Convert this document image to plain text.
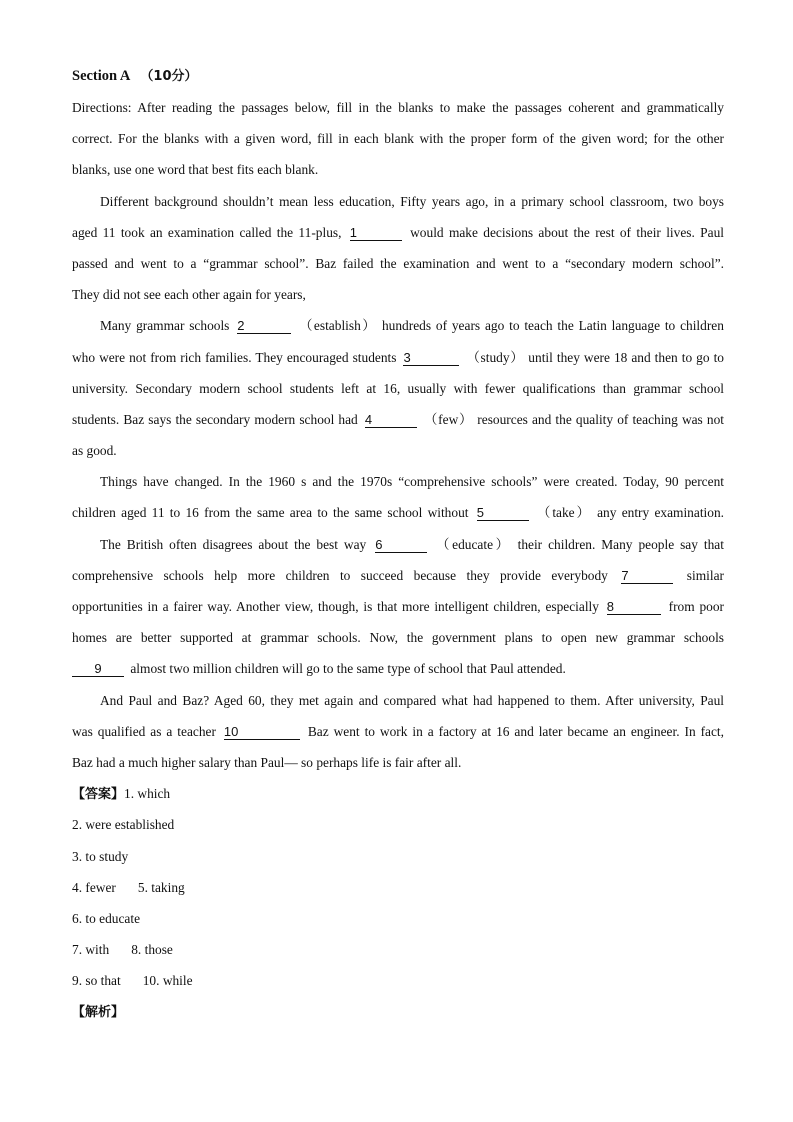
Section A （10分）
Directions: After reading the passages below, fill in the blanks to make the passages coherent and grammatically
correct. For the blanks with a given word, fill in each blank with the proper form of the given word; for the other
blanks, use one word that best fits each blank.
Different background shouldn’t mean less education, Fifty years ago, in a primary school classroom, two boys
aged 11 took an examination called the 11-plus, 1	would make decisions about the rest of their lives. Paul
passed and went to a “grammar school”. Baz failed the examination and went to a “secondary modern school”.
They did not see each other again for years,
Many grammar schools 2	（establish） hundreds of years ago to teach the Latin language to children
who were not from rich families. They encouraged students 3	（study） until they were 18 and then to go to
university. Secondary modern school students left at 16, usually with fewer qualifications than grammar school
students. Baz says the secondary modern school had 4	（few） resources and the quality of teaching was not
as good.
Things have changed. In the 1960 s and the 1970s “comprehensive schools” were created. Today, 90 percent
children aged 11 to 16 from the same area to the same school without 5	（take） any entry examination.
The British often disagrees about the best way 6	（educate） their children. Many people say that
comprehensive schools help more children to succeed because they provide everybody 7	similar
opportunities in a fairer way. Another view, though, is that more intelligent children, especially 8	from poor
homes are better supported at grammar schools. Now, the government plans to open new grammar schools
9 almost two million children will go to the same type of school that Paul attended.
And Paul and Baz? Aged 60, they met again and compared what had happened to them. After university, Paul
was qualified as a teacher 10	Baz went to work in a factory at 16 and later became an engineer. In fact,
Baz had a much higher salary than Paul— so perhaps life is fair after all.
【答案】1. which
2. were established
3. to study
4. fewer 5. taking
6. to educate
7. with 8. those
9. so that 10. while
【解析】
